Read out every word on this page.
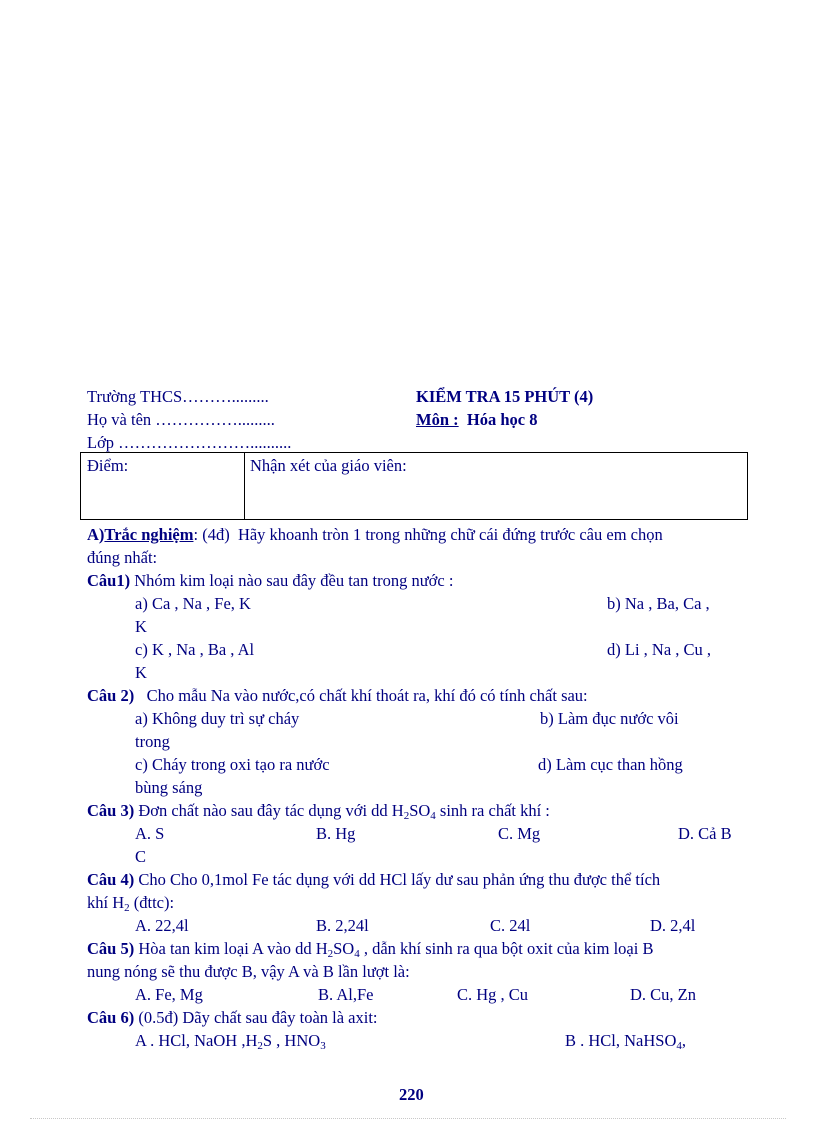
Trường THCS……….........
Họ và tên …………….........
Lớp ……………………..........
KIỂM TRA 15 PHÚT (4)
Môn : Hóa học 8
Điểm:	Nhận xét của giáo viên:
A)Trắc nghiệm: (4đ) Hãy khoanh tròn 1 trong những chữ cái đứng trước câu em chọn
đúng nhất:
Câu1) Nhóm kim loại nào sau đây đều tan trong nước :
a) Ca , Na , Fe, K	b) Na , Ba, Ca ,
K
c) K , Na , Ba , Al	d) Li , Na , Cu ,
K
Câu 2) Cho mẫu Na vào nước,có chất khí thoát ra, khí đó có tính chất sau:
a) Không duy trì sự cháy	b) Làm đục nước vôi
trong
c) Cháy trong oxi tạo ra nước	d) Làm cục than hồng
bùng sáng
Câu 3) Đơn chất nào sau đây tác dụng với dd $H_2SO_4$ sinh ra chất khí :
A. S	B. Hg	C. Mg	D. Cả B
C
Câu 4) Cho Cho 0,1mol Fe tác dụng với dd HCl lấy dư sau phản ứng thu được thể tích
khí $H_2$ (đttc):
A. 22,4l	B. 2,24l	C. 24l	D. 2,4l
Câu 5) Hòa tan kim loại A vào dd $H_2SO_4$ , dẫn khí sinh ra qua bột oxit của kim loại B
nung nóng sẽ thu được B, vậy A và B lần lượt là:
A. Fe, Mg	B. Al,Fe	C. Hg , Cu	D. Cu, Zn
Câu 6) (0.5đ) Dãy chất sau đây toàn là axit:
A . HCl, NaOH $,H_2S$ , $HNO_3$	B . HCl, NaHSO$_4$,
220
